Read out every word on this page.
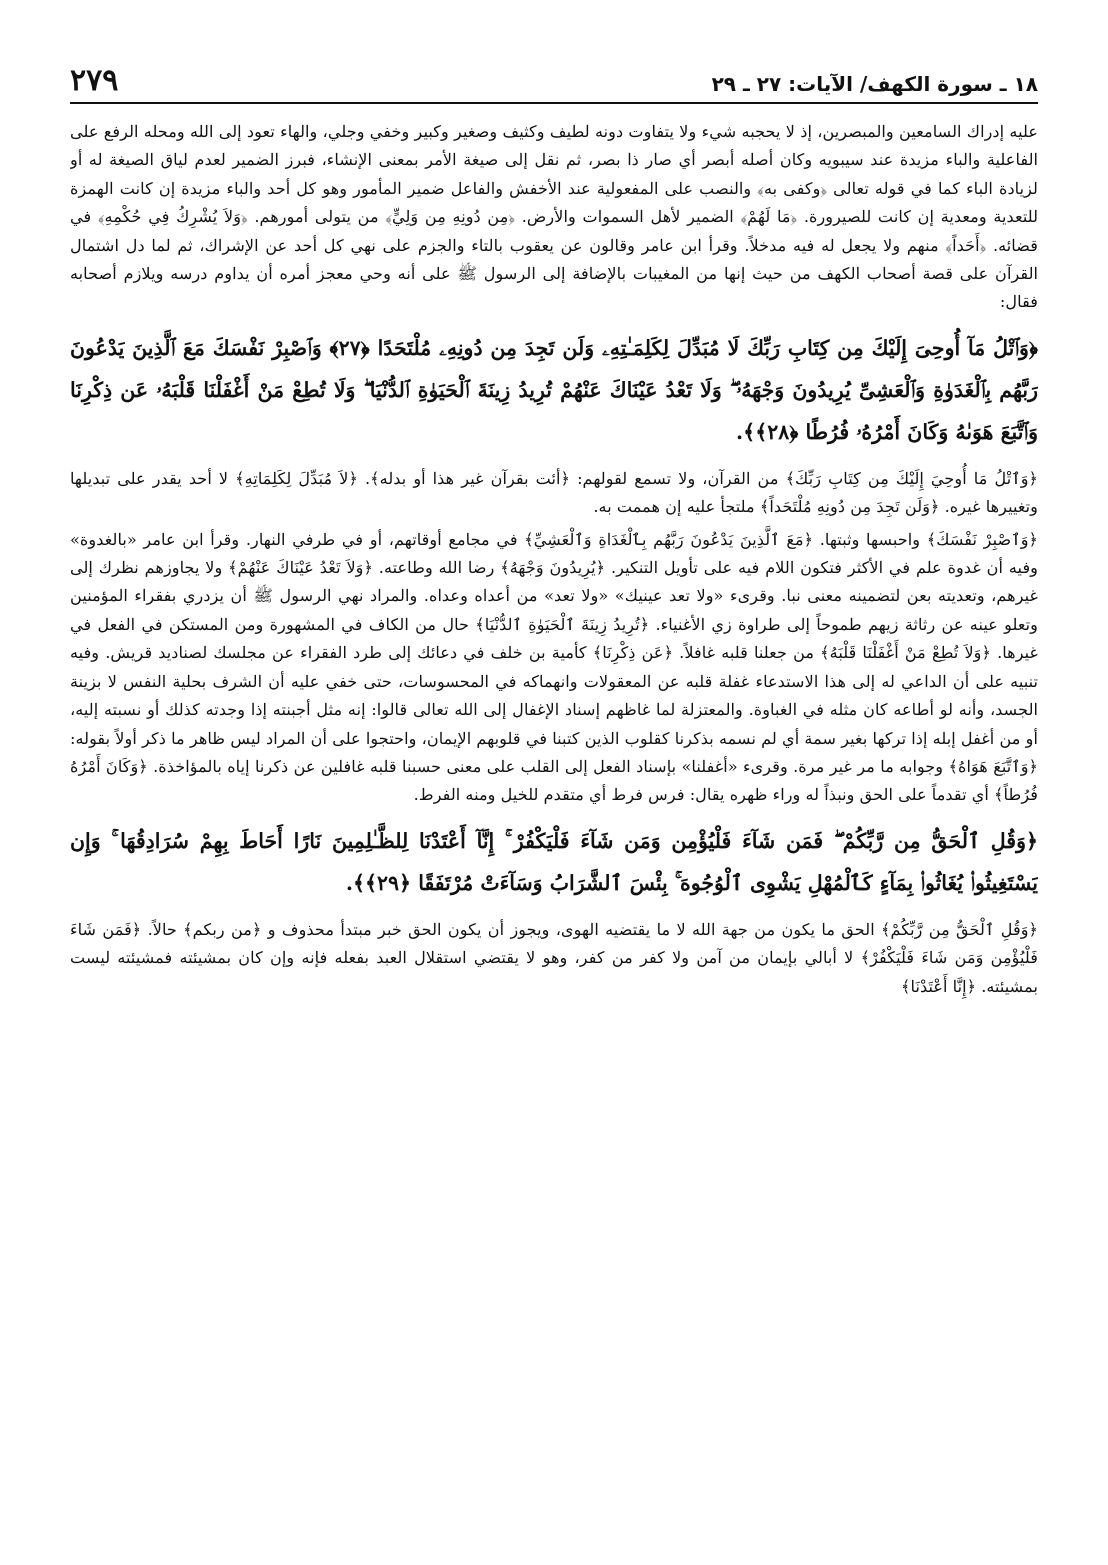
١٨ ـ سورة الكهف/ الآيات: ٢٧ ـ ٢٩
٢٧٩

عليه إدراك السامعين والمبصرين، إذ لا يحجبه شيء ولا يتفاوت دونه لطيف وكثيف وصغير وكبير وخفي وجلي، والهاء تعود إلى الله ومحله الرفع على الفاعلية والباء مزيدة عند سيبويه وكان أصله أبصر أي صار ذا بصر، ثم نقل إلى صيغة الأمر بمعنى الإنشاء، فبرز الضمير لعدم لياق الصيغة له أو لزيادة الباء كما في قوله تعالى ﴿وكفى به﴾ والنصب على المفعولية عند الأخفش والفاعل ضمير المأمور وهو كل أحد والباء مزيدة إن كانت الهمزة للتعدية ومعدية إن كانت للصيرورة. ﴿مَا لَهُمْ﴾ الضمير لأهل السموات والأرض. ﴿مِن دُونِهِ مِن وَلِيٍّ﴾ من يتولى أمورهم. ﴿وَلاَ يُشْرِكُ فِي حُكْمِهِ﴾ في قضائه. ﴿أَحَداً﴾ منهم ولا يجعل له فيه مدخلاً. وقرأ ابن عامر وقالون عن يعقوب بالتاء والجزم على نهي كل أحد عن الإشراك، ثم لما دل اشتمال القرآن على قصة أصحاب الكهف من حيث إنها من المغيبات بالإضافة إلى الرسول ﷺ على أنه وحي معجز أمره أن يداوم درسه ويلازم أصحابه فقال:

﴿وَٱتْلُ مَآ أُوحِىَ إِلَيْكَ مِن كِتَابِ رَبِّكَ لَا مُبَدِّلَ لِكَلِمَـٰتِهِۦ وَلَن تَجِدَ مِن دُونِهِۦ مُلْتَحَدًا ﴿٢٧﴾ وَٱصْبِرْ نَفْسَكَ مَعَ ٱلَّذِينَ يَدْعُونَ رَبَّهُم بِٱلْغَدَوٰةِ وَٱلْعَشِىِّ يُرِيدُونَ وَجْهَهُۥ ۖ وَلَا تَعْدُ عَيْنَاكَ عَنْهُمْ تُرِيدُ زِينَةَ ٱلْحَيَوٰةِ ٱلدُّنْيَا ۖ وَلَا تُطِعْ مَنْ أَغْفَلْنَا قَلْبَهُۥ عَن ذِكْرِنَا وَٱتَّبَعَ هَوَىٰهُ وَكَانَ أَمْرُهُۥ فُرُطًا ﴿٢٨﴾﴾.

﴿وَٱتْلُ مَا أُوحِيَ إِلَيْكَ مِن كِتَابِ رَبِّكَ﴾ من القرآن، ولا تسمع لقولهم: ﴿أئت بقرآن غير هذا أو بدله﴾. ﴿لاَ مُبَدِّلَ لِكَلِمَاتِهِ﴾ لا أحد يقدر على تبديلها وتغييرها غيره. ﴿وَلَن تَجِدَ مِن دُونِهِ مُلْتَحَداً﴾ ملتجأ عليه إن هممت به.

﴿وَٱصْبِرْ نَفْسَكَ﴾ واحبسها وثبتها. ﴿مَعَ ٱلَّذِينَ يَدْعُونَ رَبَّهُم بِٱلْغَدَاةِ وَٱلْعَشِيِّ﴾ في مجامع أوقاتهم، أو في طرفي النهار. وقرأ ابن عامر «بالغدوة» وفيه أن غدوة علم في الأكثر فتكون اللام فيه على تأويل التنكير. ﴿يُرِيدُونَ وَجْهَهُ﴾ رضا الله وطاعته. ﴿وَلاَ تَعْدُ عَيْنَاكَ عَنْهُمْ﴾ ولا يجاوزهم نظرك إلى غيرهم، وتعديته بعن لتضمينه معنى نبا. وقرىء «ولا تعد عينيك» «ولا تعد» من أعداه وعداه. والمراد نهي الرسول ﷺ أن يزدري بفقراء المؤمنين وتعلو عينه عن رثاثة زيهم طموحاً إلى طراوة زي الأغنياء. ﴿تُرِيدُ زِينَةَ ٱلْحَيَوٰةِ ٱلدُّنْيَا﴾ حال من الكاف في المشهورة ومن المستكن في الفعل في غيرها. ﴿وَلاَ تُطِعْ مَنْ أَغْفَلْنَا قَلْبَهُ﴾ من جعلنا قلبه غافلاً. ﴿عَن ذِكْرِنَا﴾ كأمية بن خلف في دعائك إلى طرد الفقراء عن مجلسك لصناديد قريش. وفيه تنبيه على أن الداعي له إلى هذا الاستدعاء غفلة قلبه عن المعقولات وانهماكه في المحسوسات، حتى خفي عليه أن الشرف بحلية النفس لا بزينة الجسد، وأنه لو أطاعه كان مثله في الغباوة. والمعتزلة لما غاظهم إسناد الإغفال إلى الله تعالى قالوا: إنه مثل أجبنته إذا وجدته كذلك أو نسبته إليه، أو من أغفل إبله إذا تركها بغير سمة أي لم نسمه بذكرنا كقلوب الذين كتبنا في قلوبهم الإيمان، واحتجوا على أن المراد ليس ظاهر ما ذكر أولاً بقوله: ﴿وَٱتَّبَعَ هَوَاهُ﴾ وجوابه ما مر غير مرة. وقرىء «أغفلنا» بإسناد الفعل إلى القلب على معنى حسبنا قلبه غافلين عن ذكرنا إياه بالمؤاخذة. ﴿وَكَانَ أَمْرُهُ فُرُطاً﴾ أي تقدماً على الحق ونبذاً له وراء ظهره يقال: فرس فرط أي متقدم للخيل ومنه الفرط.

﴿وَقُلِ ٱلْحَقُّ مِن رَّبِّكُمْ ۖ فَمَن شَآءَ فَلْيُؤْمِن وَمَن شَآءَ فَلْيَكْفُرْ ۚ إِنَّآ أَعْتَدْنَا لِلظَّـٰلِمِينَ نَارًا أَحَاطَ بِهِمْ سُرَادِقُهَا ۚ وَإِن يَسْتَغِيثُوا۟ يُغَاثُوا۟ بِمَآءٍ كَٱلْمُهْلِ يَشْوِى ٱلْوُجُوهَ ۚ بِئْسَ ٱلشَّرَابُ وَسَآءَتْ مُرْتَفَقًا ﴿٢٩﴾﴾.

﴿وَقُلِ ٱلْحَقُّ مِن رَّبِّكُمْ﴾ الحق ما يكون من جهة الله لا ما يقتضيه الهوى، ويجوز أن يكون الحق خبر مبتدأ محذوف و ﴿من ربكم﴾ حالاً. ﴿فَمَن شَاءَ فَلْيُؤْمِن وَمَن شَاءَ فَلْيَكْفُرْ﴾ لا أبالي بإيمان من آمن ولا كفر من كفر، وهو لا يقتضي استقلال العبد بفعله فإنه وإن كان بمشيئته فمشيئته ليست بمشيئته. ﴿إِنَّا أَعْتَدْنَا﴾
